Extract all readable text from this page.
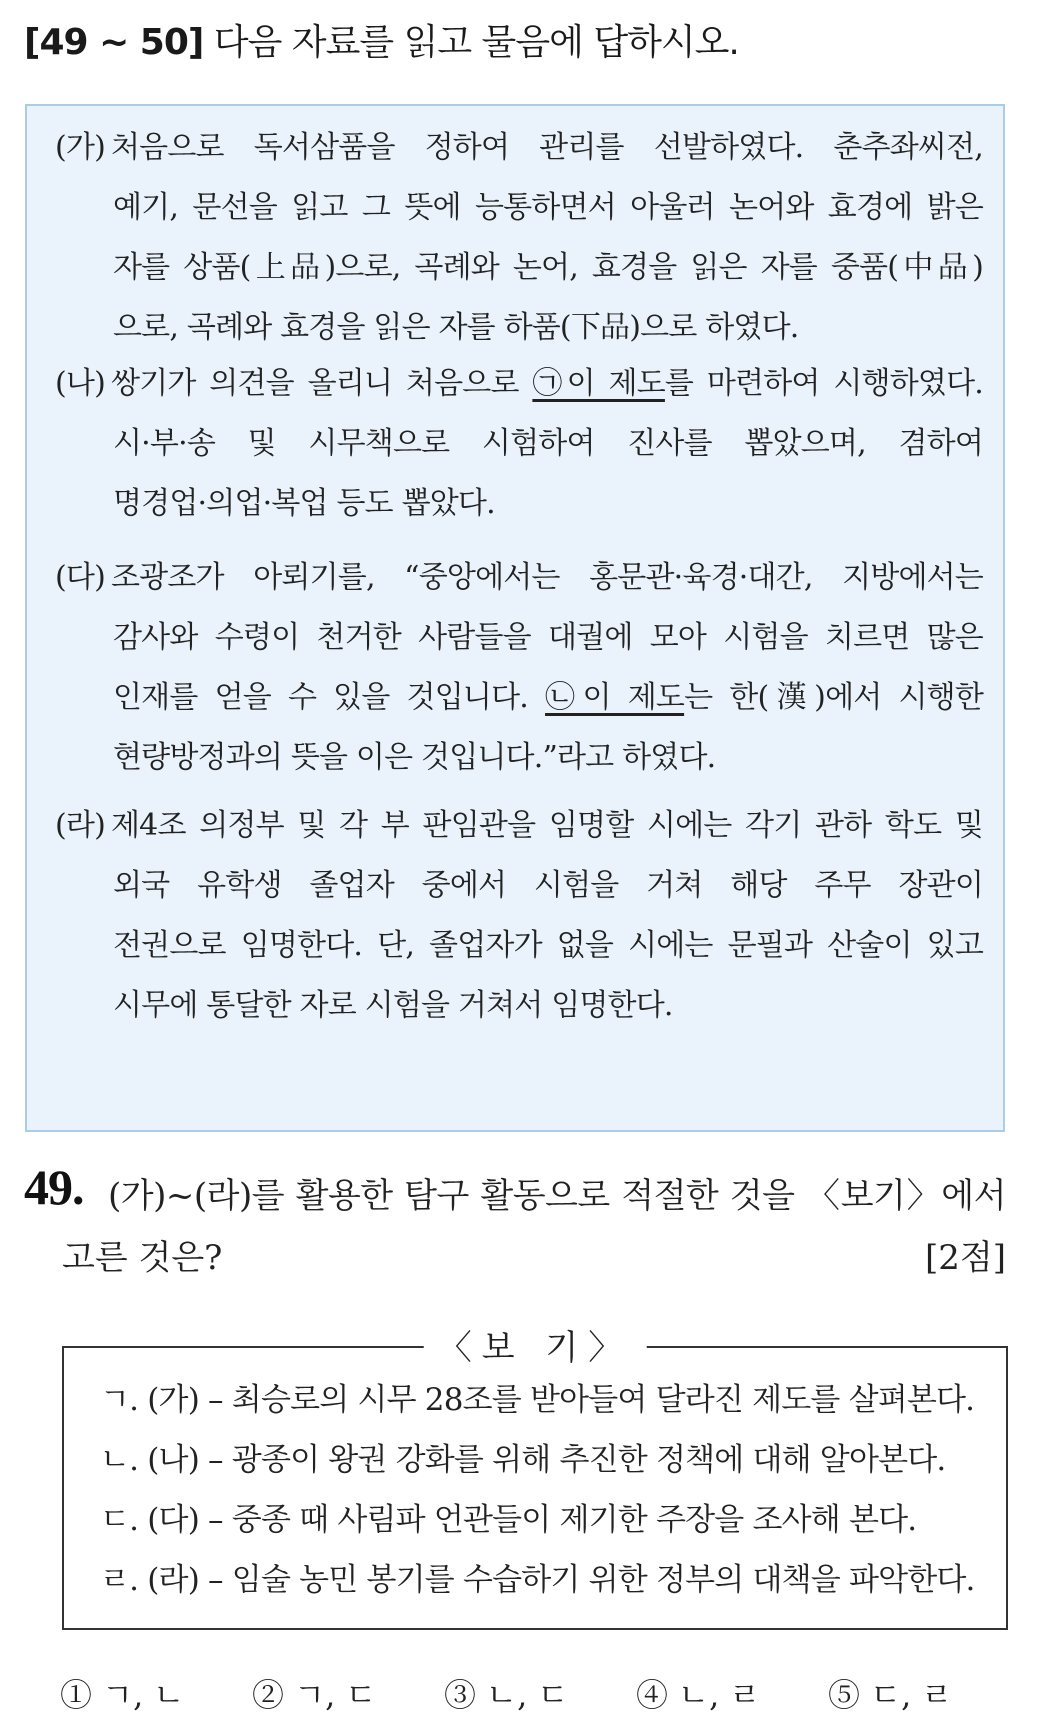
[49 ~ 50] 다음 자료를 읽고 물음에 답하시오.
(가) 처음으로 독서삼품을 정하여 관리를 선발하였다. 춘추좌씨전,
예기, 문선을 읽고 그 뜻에 능통하면서 아울러 논어와 효경에 밝은
자를 상품(上品)으로, 곡례와 논어, 효경을 읽은 자를 중품(中品)
으로, 곡례와 효경을 읽은 자를 하품(下品)으로 하였다.
(나) 쌍기가 의견을 올리니 처음으로 ㉠이 제도를 마련하여 시행하였다.
시·부·송 및 시무책으로 시험하여 진사를 뽑았으며, 겸하여
명경업·의업·복업 등도 뽑았다.
(다) 조광조가 아뢰기를, “중앙에서는 홍문관·육경·대간, 지방에서는
감사와 수령이 천거한 사람들을 대궐에 모아 시험을 치르면 많은
인재를 얻을 수 있을 것입니다. ㉡이 제도는 한(漢)에서 시행한
현량방정과의 뜻을 이은 것입니다.”라고 하였다.
(라) 제4조 의정부 및 각 부 판임관을 임명할 시에는 각기 관하 학도 및
외국 유학생 졸업자 중에서 시험을 거쳐 해당 주무 장관이
전권으로 임명한다. 단, 졸업자가 없을 시에는 문필과 산술이 있고
시무에 통달한 자로 시험을 거쳐서 임명한다.
49. (가)~(라)를 활용한 탐구 활동으로 적절한 것을 〈보기〉에서
고른 것은?	[2점]
〈보 기〉
ㄱ. (가) – 최승로의 시무 28조를 받아들여 달라진 제도를 살펴본다.
ㄴ. (나) – 광종이 왕권 강화를 위해 추진한 정책에 대해 알아본다.
ㄷ. (다) – 중종 때 사림파 언관들이 제기한 주장을 조사해 본다.
ㄹ. (라) – 임술 농민 봉기를 수습하기 위한 정부의 대책을 파악한다.
① ㄱ, ㄴ ② ㄱ, ㄷ ③ ㄴ, ㄷ ④ ㄴ, ㄹ ⑤ ㄷ, ㄹ
